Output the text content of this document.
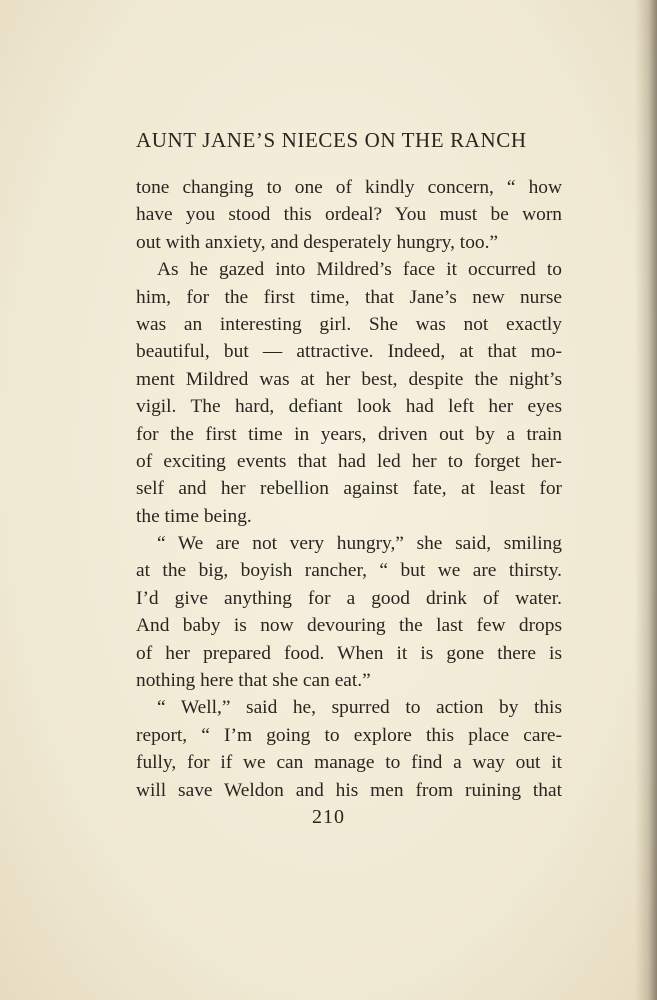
AUNT JANE’S NIECES ON THE RANCH
tone changing to one of kindly concern, “ how
have you stood this ordeal? You must be worn
out with anxiety, and desperately hungry, too.”
As he gazed into Mildred’s face it occurred to
him, for the first time, that Jane’s new nurse
was an interesting girl. She was not exactly
beautiful, but — attractive. Indeed, at that mo-
ment Mildred was at her best, despite the night’s
vigil. The hard, defiant look had left her eyes
for the first time in years, driven out by a train
of exciting events that had led her to forget her-
self and her rebellion against fate, at least for
the time being.
“ We are not very hungry,” she said, smiling
at the big, boyish rancher, “ but we are thirsty.
I’d give anything for a good drink of water.
And baby is now devouring the last few drops
of her prepared food. When it is gone there is
nothing here that she can eat.”
“ Well,” said he, spurred to action by this
report, “ I’m going to explore this place care-
fully, for if we can manage to find a way out it
will save Weldon and his men from ruining that
210
